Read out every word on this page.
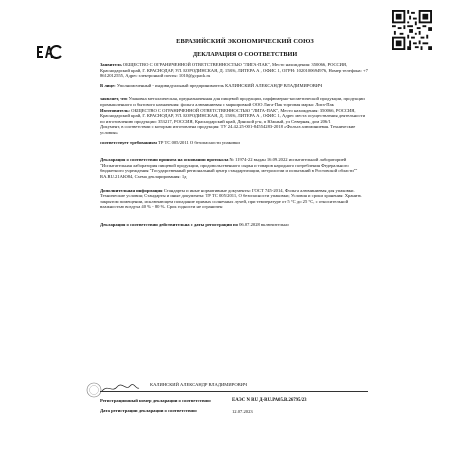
ЕВРАЗИЙСКИЙ ЭКОНОМИЧЕСКИЙ СОЮЗ
ДЕКЛАРАЦИЯ О СООТВЕТСТВИИ

Заявитель ОБЩЕСТВО С ОГРАНИЧЕННОЙ ОТВЕТСТВЕННОСТЬЮ "ЛИГА-ПАК", Место нахождения: 350066, РОССИЯ, Краснодарский край, Г. КРАСНОДАР, УЛ. БОРОДИНСКАЯ, Д. 158/6, ЛИТЕРА А , ОФИС 1, ОГРН: 1020100694976, Номер телефона: +7 8612012555, Адрес электронной почты: 1010@gcpack.ru

В лице: Уполномоченный - индивидуальный предприниматель КАЛИНСКИЙ АЛЕКСАНДР ВЛАДИМИРОВИЧ

заявляет, что Упаковка металлическая, предназначенная для пищевой продукции, парфюмерно-косметической продукции, продукции промышленного и бытового назначения: фольга алюминиевая с маркировкой ООО Лига-Пак торговая марка: Лига-Пак

Изготовитель: ОБЩЕСТВО С ОГРАНИЧЕННОЙ ОТВЕТСТВЕННОСТЬЮ "ЛИГА-ПАК", Место нахождения: 350066, РОССИЯ, Краснодарский край, Г. КРАСНОДАР, УЛ. БОРОДИНСКАЯ, Д. 158/6, ЛИТЕРА А , ОФИС 1, Адрес места осуществления деятельности по изготовлению продукции: 353217, РОССИЯ, Краснодарский край, Динской р-н, п Южный, ул Северная, дом 206/1

Документ, в соответствии с которым изготовлена продукция: ТУ 24.42.25-001-84554283-2018 «Фольга алюминиевая. Технические условия»

соответствует требованиям ТР ТС 005/2011 О безопасности упаковки

Декларация о соответствии принята на основании протокола № 11974-22 выдан 16.09.2022 испытательной лабораторией "Испытательная лаборатория пищевой продукции, продовольственного сырья и товаров народного потребления Федерального бюджетного учреждения "Государственный региональный центр стандартизации, метрологии и испытаний в Ростовской области"" RA.RU.21АЮ84, Схема декларирования: 1д

Дополнительная информация Стандарты и иные нормативные документы: ГОСТ 745-2014, Фольга алюминиевая для упаковки. Технические условия; Стандарты и иные документы: ТР ТС 005/2011, О безопасности упаковки; Условия и сроки хранения: Хранить закрытом помещении, исключающем попадание прямых солнечных лучей, при температуре от 5 °С до 25 °С, с относительной влажностью воздуха 40 % - 80 %. Срок годности не ограничен

Декларация о соответствии действительна с даты регистрации по 06.07.2028 включительно

КАЛИНСКИЙ АЛЕКСАНДР ВЛАДИМИРОВИЧ
Регистрационный номер декларации о соответствии:	ЕАЭС N RU Д-RU.РА05.В.26795/23
Дата регистрации декларации о соответствии:	12.07.2023
